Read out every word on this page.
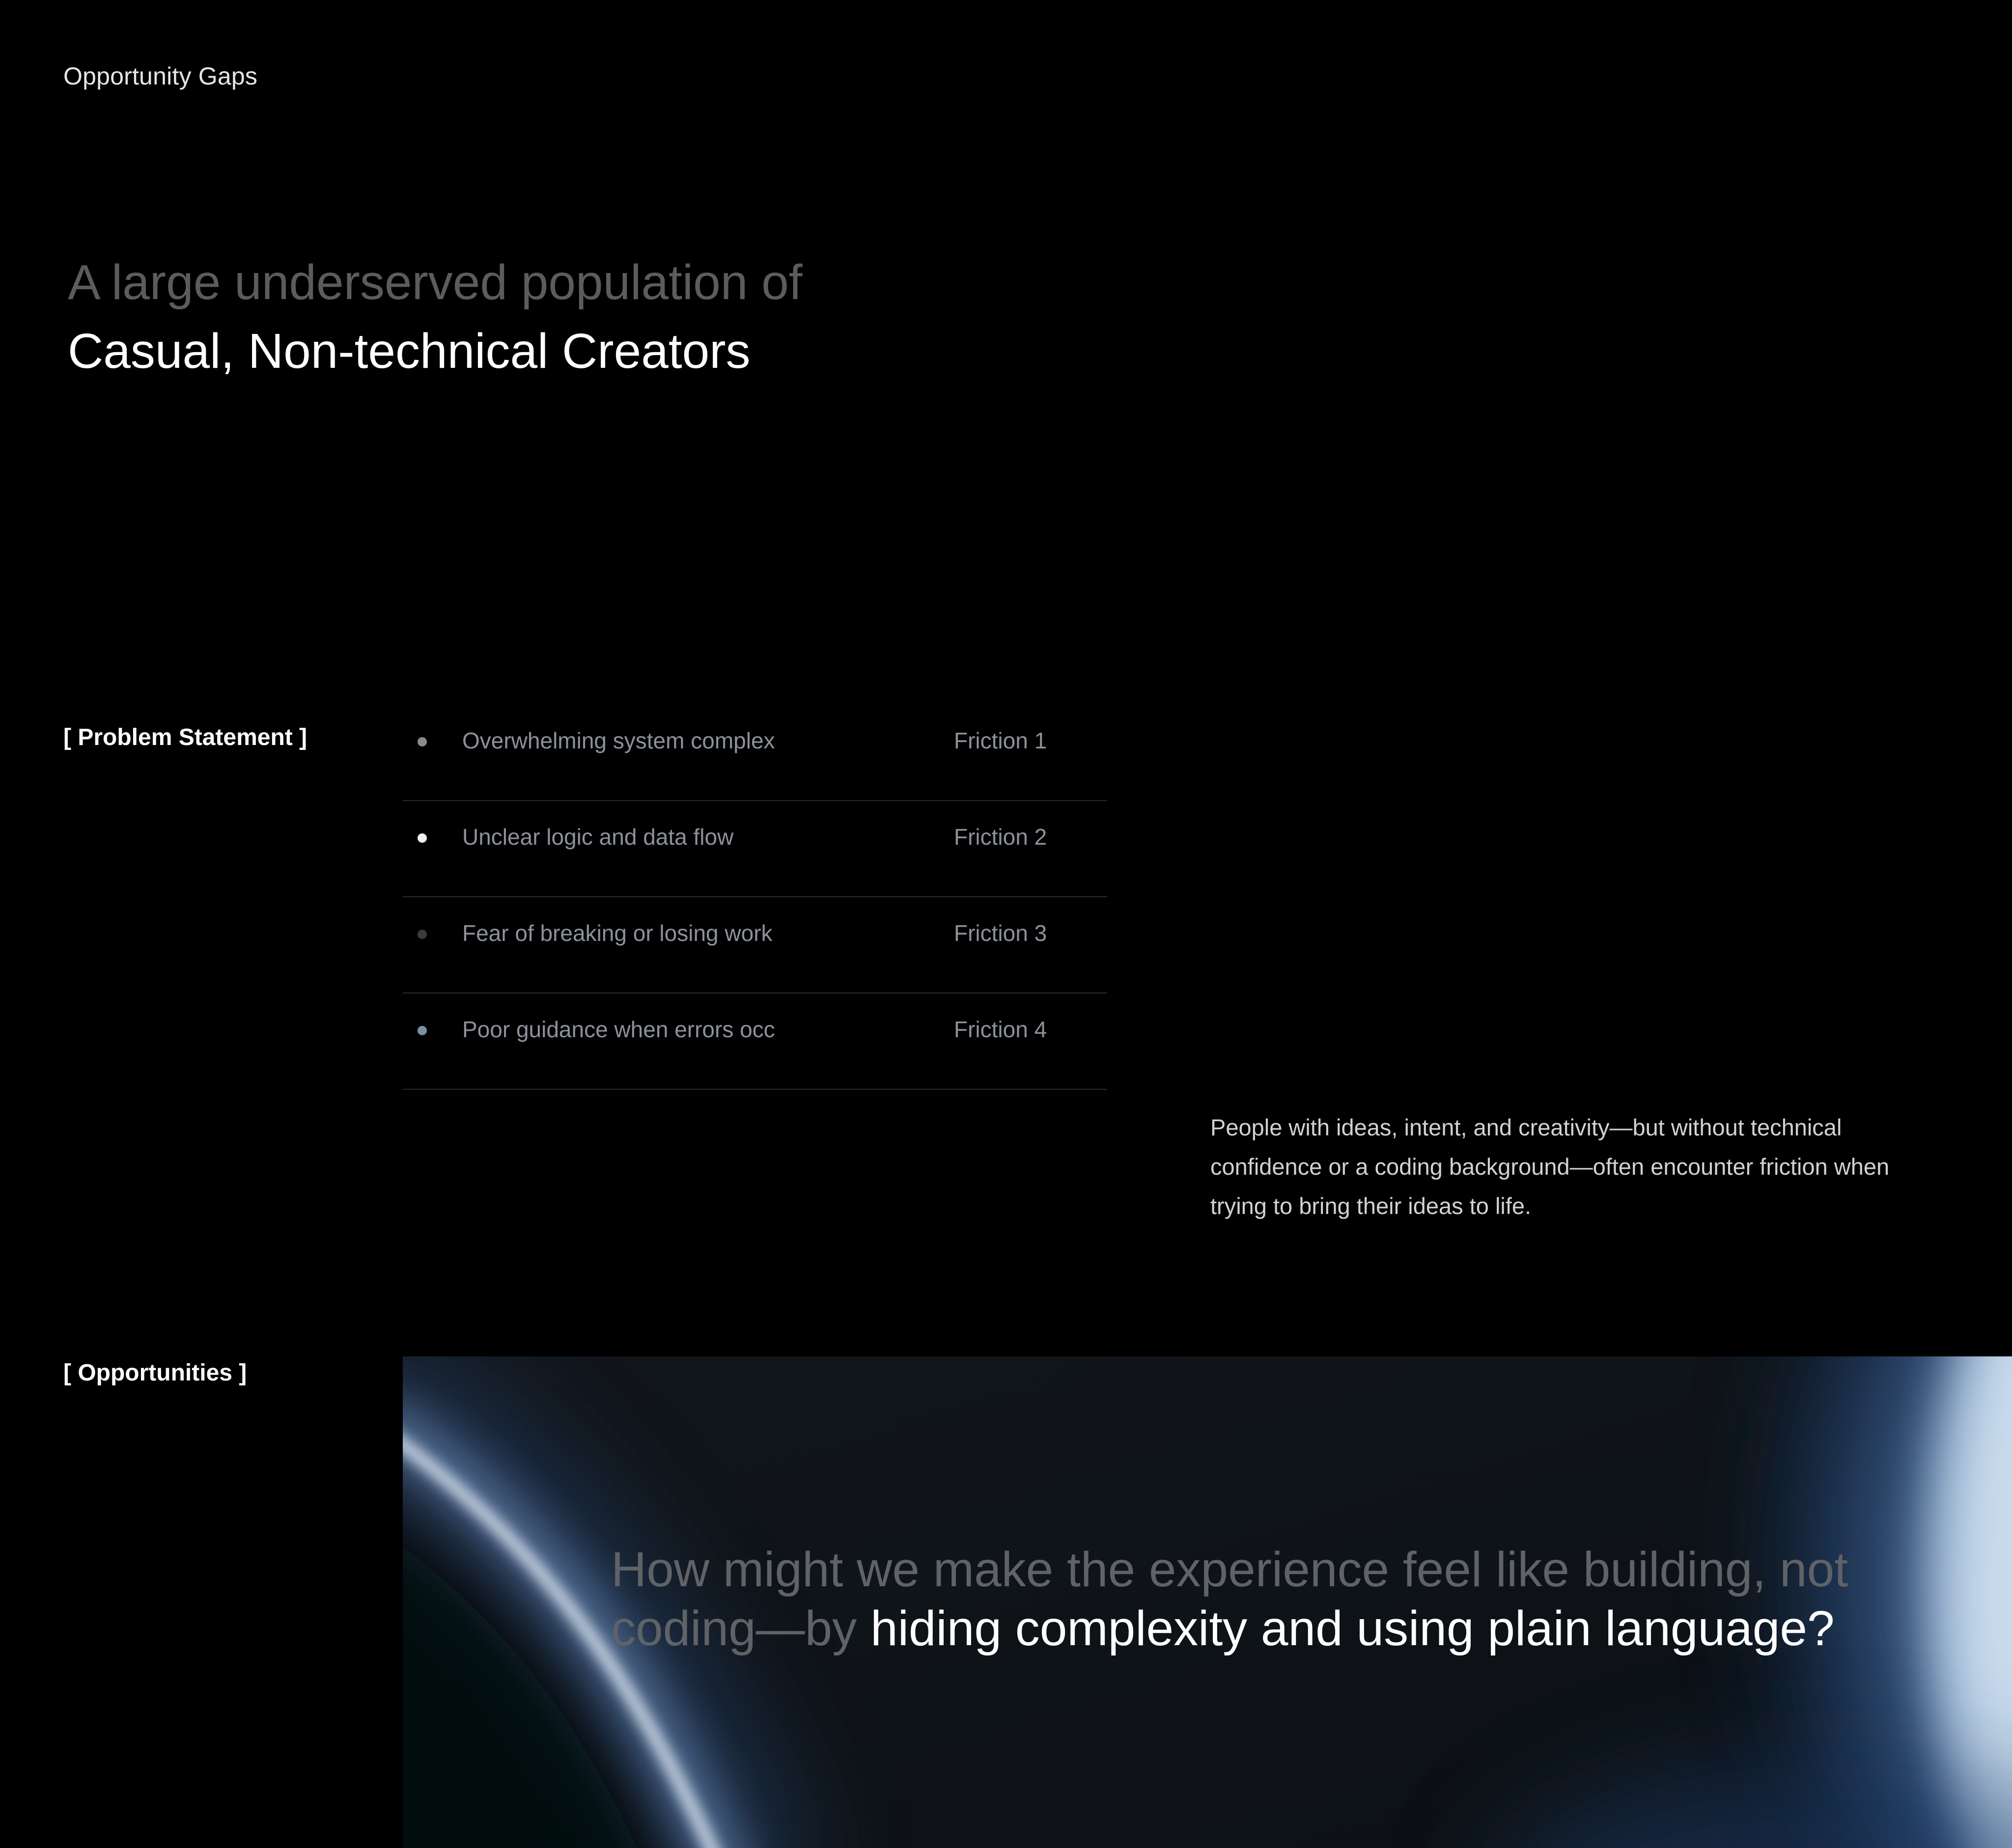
Opportunity Gaps
A large underserved population of
Casual, Non-technical Creators
[ Problem Statement ]	Overwhelming system complex	Friction 1
Unclear logic and data flow	Friction 2
Fear of breaking or losing work	Friction 3
Poor guidance when errors occ	Friction 4

People with ideas, intent, and creativity—but without technical confidence or a coding background—often encounter friction when trying to bring their ideas to life.

[ Opportunities ]
How might we make the experience feel like building, not coding—by hiding complexity and using plain language?
